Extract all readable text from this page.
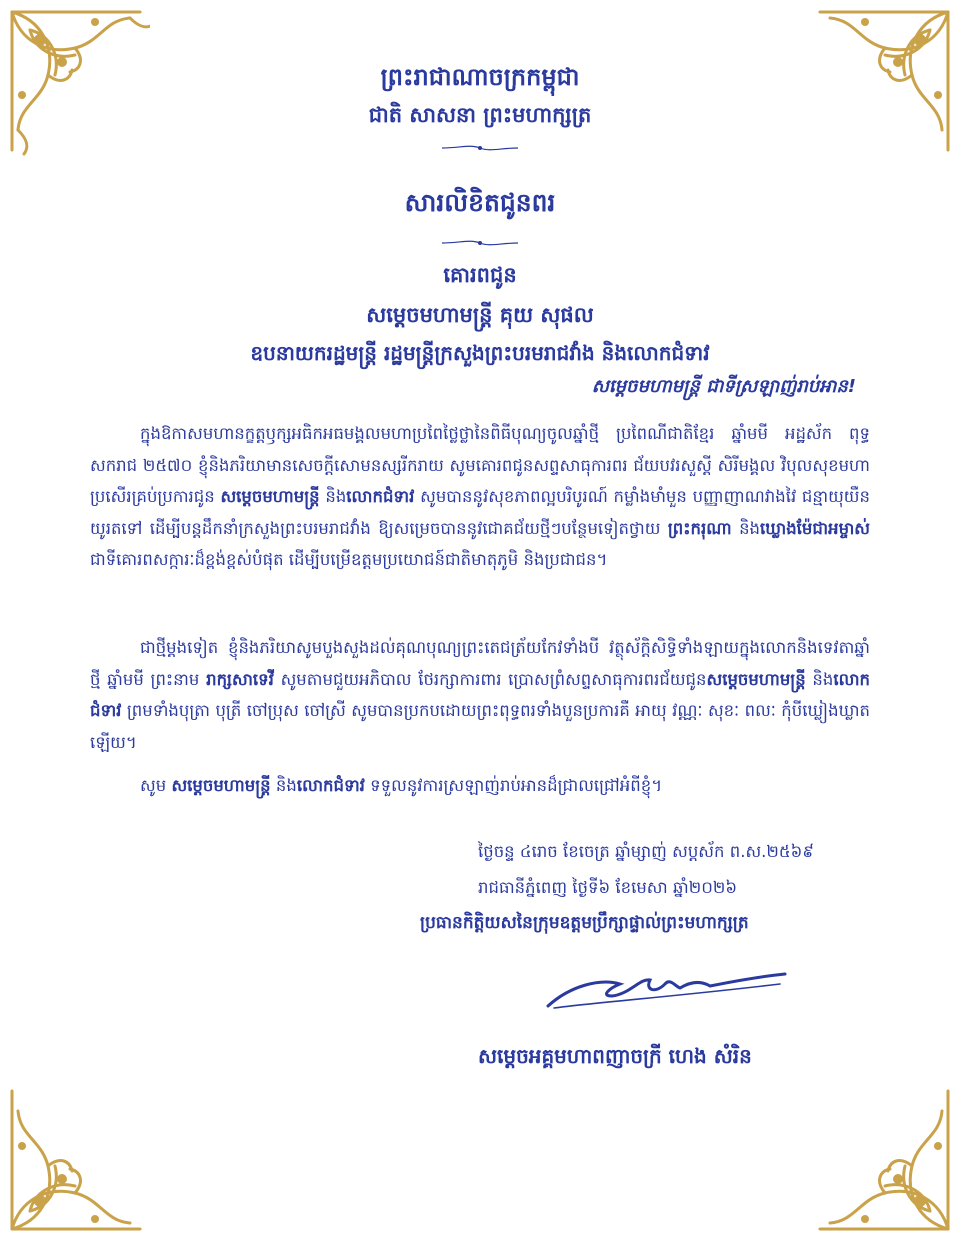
ព្រះរាជាណាចក្រកម្ពុជា
ជាតិ សាសនា ព្រះមហាក្សត្រ
សារលិខិតជូនពរ
គោរពជូន
សម្តេចមហាមន្ត្រី គុយ សុផល
ឧបនាយករដ្ឋមន្ត្រី រដ្ឋមន្ត្រីក្រសួងព្រះបរមរាជវាំង និងលោកជំទាវ
សម្តេចមហាមន្ត្រី ជាទីស្រឡាញ់រាប់អាន!

ក្នុងឱកាសមហានក្ខត្តឫក្សអធិកអធមង្គលមហាប្រពៃថ្លៃថ្លានៃពិធីបុណ្យចូលឆ្នាំថ្មី ប្រពៃណីជាតិខ្មែរ ឆ្នាំមមី អដ្ឋស័ក ពុទ្ធសករាជ ២៥៧០ ខ្ញុំនិងភរិយាមានសេចក្តីសោមនស្សរីករាយ សូមគោរពជូនសព្ទសាធុការពរ ជ័យបវរសួស្តី សិរីមង្គល វិបុលសុខមហាប្រសើរគ្រប់ប្រការជូន សម្តេចមហាមន្ត្រី និងលោកជំទាវ សូមបាននូវសុខភាពល្អបរិបូរណ៍ កម្លាំងមាំមួន បញ្ញាញាណវាងវៃ ជន្មាយុយឺនយូរតទៅ ដើម្បីបន្តដឹកនាំក្រសួងព្រះបរមរាជវាំង ឱ្យសម្រេចបាននូវជោគជ័យថ្មីៗបន្ថែមទៀតថ្វាយ ព្រះករុណា និងឃ្លោងម៉ែជាអម្ចាស់ ជាទីគោរពសក្ការៈដ៏ខ្ពង់ខ្ពស់បំផុត ដើម្បីបម្រើឧត្តមប្រយោជន៍ជាតិមាតុភូមិ និងប្រជាជន។

ជាថ្មីម្តងទៀត ខ្ញុំនិងភរិយាសូមបួងសួងដល់គុណបុណ្យព្រះតេជត្រ័យកែវទាំងបី វត្ថុស័ក្តិសិទ្ធិទាំងឡាយក្នុងលោកនិងទេវតាឆ្នាំថ្មី ឆ្នាំមមី ព្រះនាម រាក្សសាទេវី សូមតាមជួយអភិបាល ថែរក្សាការពារ ប្រោសព្រំសព្ទសាធុការពរជ័យជូនសម្តេចមហាមន្ត្រី និងលោកជំទាវ ព្រមទាំងបុត្រា បុត្រី ចៅប្រុស ចៅស្រី សូមបានប្រកបដោយព្រះពុទ្ធពរទាំងបួនប្រការគឺ អាយុ វណ្ណៈ សុខៈ ពលៈ កុំបីឃ្លៀងឃ្លាតឡើយ។

សូម សម្តេចមហាមន្ត្រី និងលោកជំទាវ ទទួលនូវការស្រឡាញ់រាប់អានដ៏ជ្រាលជ្រៅអំពីខ្ញុំ។

ថ្ងៃចន្ទ ៤រោច ខែចេត្រ ឆ្នាំម្សាញ់ សប្តស័ក ព.ស.២៥៦៩
រាជធានីភ្នំពេញ ថ្ងៃទី៦ ខែមេសា ឆ្នាំ២០២៦
ប្រធានកិត្តិយសនៃក្រុមឧត្តមប្រឹក្សាផ្ទាល់ព្រះមហាក្សត្រ
សម្តេចអគ្គមហាពញាចក្រី ហេង សំរិន
